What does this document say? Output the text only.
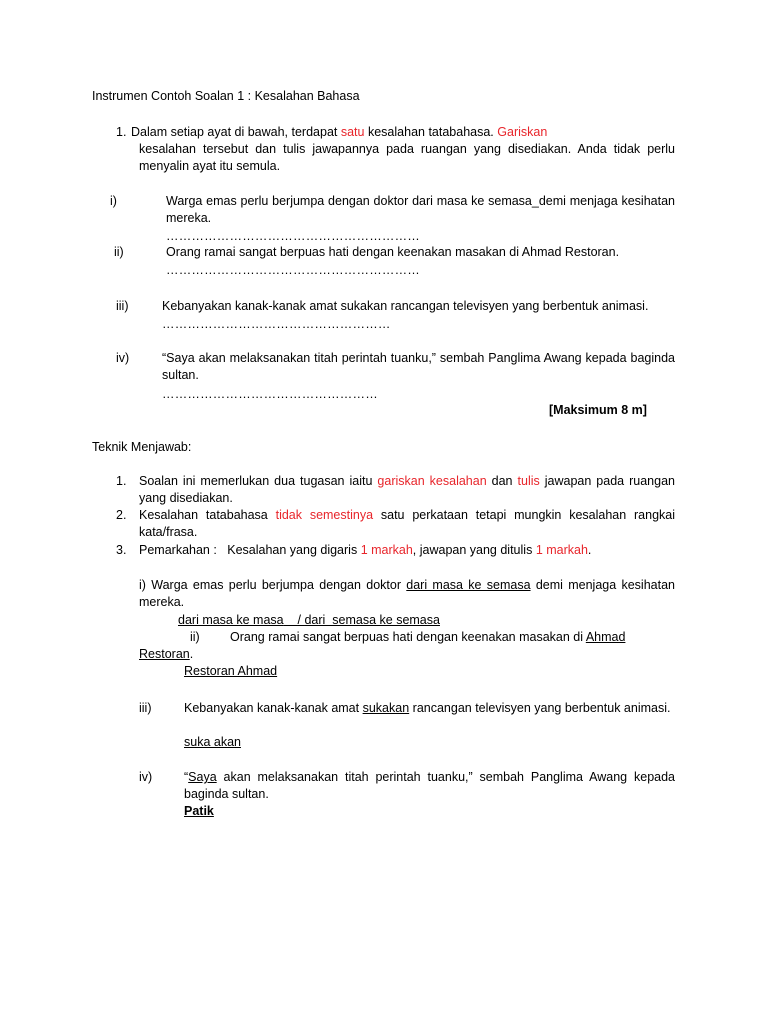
Instrumen Contoh Soalan 1 : Kesalahan Bahasa
1. Dalam setiap ayat di bawah, terdapat satu kesalahan tatabahasa. Gariskan
kesalahan tersebut dan tulis jawapannya pada ruangan yang disediakan. Anda tidak perlu menyalin ayat itu semula.
i)	Warga emas perlu berjumpa dengan doktor dari masa ke semasa_demi menjaga kesihatan mereka.
……………………………………………………
ii)	Orang ramai sangat berpuas hati dengan keenakan masakan di Ahmad Restoran.
……………………………………………………
iii)	Kebanyakan kanak-kanak amat sukakan rancangan televisyen yang berbentuk animasi.
………………………………………………
iv)	“Saya akan melaksanakan titah perintah tuanku,” sembah Panglima Awang kepada baginda sultan.
……………………………………………
[Maksimum 8 m]
Teknik Menjawab:
1. Soalan ini memerlukan dua tugasan iaitu gariskan kesalahan dan tulis jawapan pada ruangan yang disediakan.
2. Kesalahan tatabahasa tidak semestinya satu perkataan tetapi mungkin kesalahan rangkai kata/frasa.
3. Pemarkahan : Kesalahan yang digaris 1 markah, jawapan yang ditulis 1 markah.
i) Warga emas perlu berjumpa dengan doktor dari masa ke semasa demi menjaga kesihatan mereka.
dari masa ke masa / dari  semasa ke semasa
ii) Orang ramai sangat berpuas hati dengan keenakan masakan di Ahmad
Restoran.
Restoran Ahmad
iii)	Kebanyakan kanak-kanak amat sukakan rancangan televisyen yang berbentuk animasi.
suka akan
iv)	“Saya akan melaksanakan titah perintah tuanku,” sembah Panglima Awang kepada baginda sultan.
Patik
